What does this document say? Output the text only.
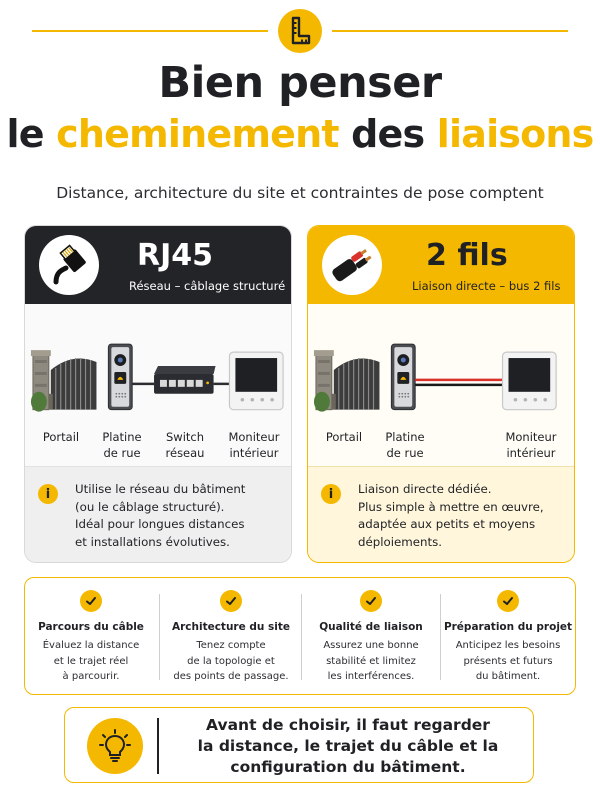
Bien penser
le cheminement des liaisons
Distance, architecture du site et contraintes de pose comptent
RJ45
Réseau – câblage structuré
Portail	Platine de rue
Switch réseau
Moniteur intérieur
i	Utilise le réseau du bâtiment
(ou le câblage structuré).
Idéal pour longues distances
et installations évolutives.
2 fils
Liaison directe – bus 2 fils
Portail	Platine de rue
Moniteur intérieur
i	Liaison directe dédiée.
Plus simple à mettre en œuvre,
adaptée aux petits et moyens
déploiements.
Parcours du câble
Évaluez la distance
et le trajet réel
à parcourir.
Architecture du site
Tenez compte
de la topologie et
des points de passage.
Qualité de liaison
Assurez une bonne
stabilité et limitez
les interférences.
Préparation du projet
Anticipez les besoins
présents et futurs
du bâtiment.
Avant de choisir, il faut regarder
la distance, le trajet du câble et la
configuration du bâtiment.
